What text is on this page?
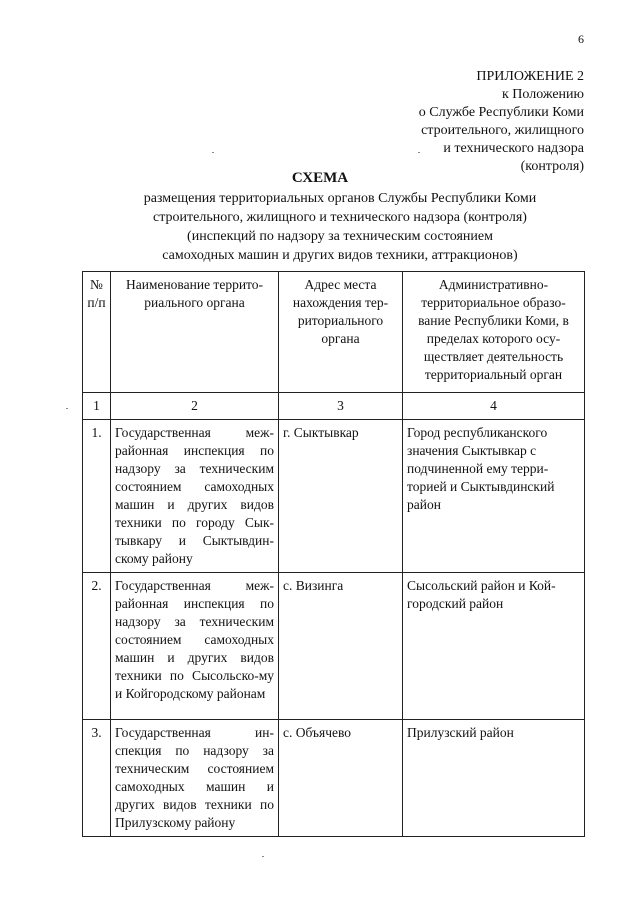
6
ПРИЛОЖЕНИЕ 2
к Положению
о Службе Республики Коми
строительного, жилищного
и технического надзора
(контроля)
СХЕМА
размещения территориальных органов Службы Республики Коми
строительного, жилищного и технического надзора (контроля)
(инспекций по надзору за техническим состоянием
самоходных машин и других видов техники, аттракционов)
№ п/п	Наименование террито-риального органа	Адрес места нахождения тер-риториального органа	Административно-территориальное образо-вание Республики Коми, в пределах которого осу-ществляет деятельность территориальный орган
1	2	3	4
1.	Государственная меж-районная инспекция по надзору за техническим состоянием самоходных машин и других видов техники по городу Сык-тывкару и Сыктывдин-скому району	г. Сыктывкар	Город республиканского значения Сыктывкар с подчиненной ему терри-торией и Сыктывдинский район
2.	Государственная меж-районная инспекция по надзору за техническим состоянием самоходных машин и других видов техники по Сысольско-му и Койгородскому районам	с. Визинга	Сысольский район и Кой-городский район
3.	Государственная ин-спекция по надзору за техническим состоянием самоходных машин и других видов техники по Прилузскому району	с. Объячево	Прилузский район
